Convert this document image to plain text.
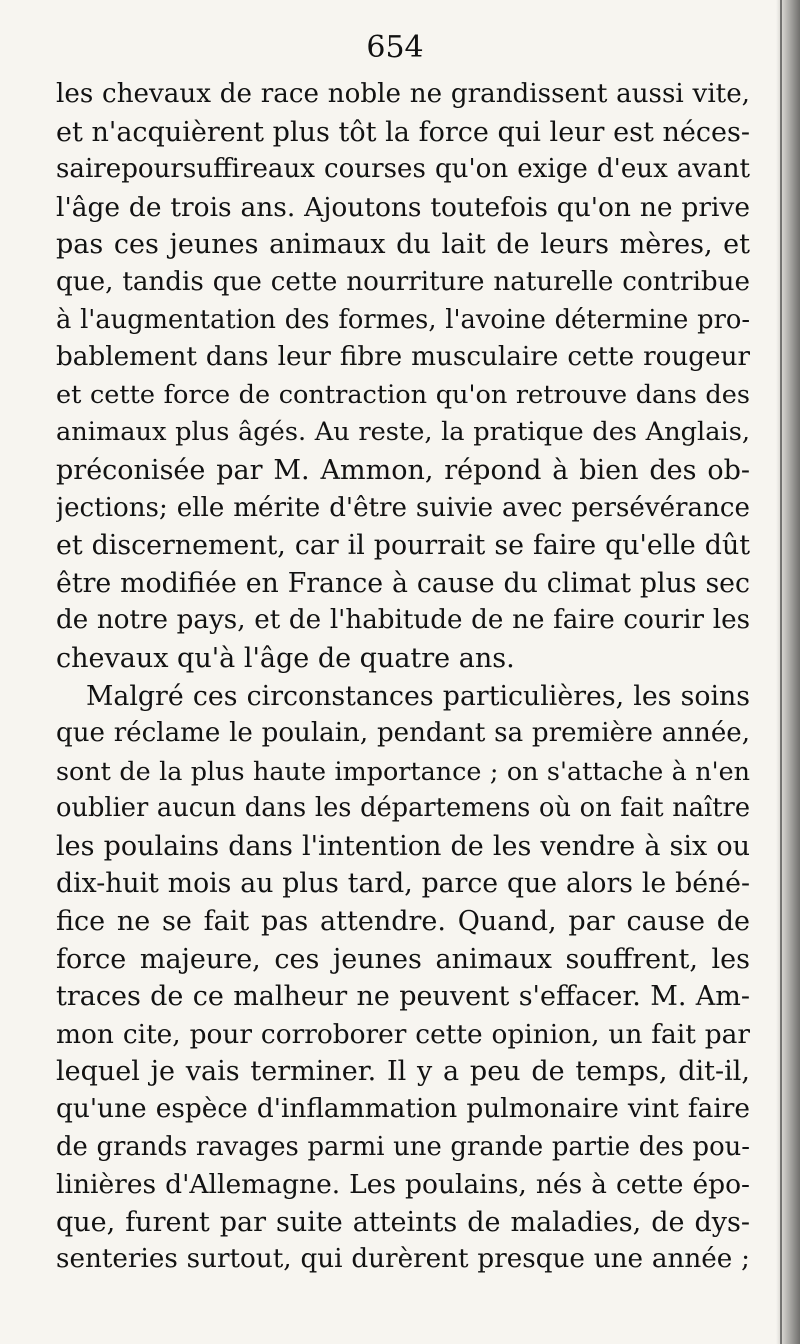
654
les chevaux de race noble ne grandissent aussi vite,
et n'acquièrent plus tôt la force qui leur est néces-
sairepoursuffireaux courses qu'on exige d'eux avant
l'âge de trois ans. Ajoutons toutefois qu'on ne prive
pas ces jeunes animaux du lait de leurs mères, et
que, tandis que cette nourriture naturelle contribue
à l'augmentation des formes, l'avoine détermine pro-
bablement dans leur fibre musculaire cette rougeur
et cette force de contraction qu'on retrouve dans des
animaux plus âgés. Au reste, la pratique des Anglais,
préconisée par M. Ammon, répond à bien des ob-
jections; elle mérite d'être suivie avec persévérance
et discernement, car il pourrait se faire qu'elle dût
être modifiée en France à cause du climat plus sec
de notre pays, et de l'habitude de ne faire courir les
chevaux qu'à l'âge de quatre ans.
Malgré ces circonstances particulières, les soins
que réclame le poulain, pendant sa première année,
sont de la plus haute importance ; on s'attache à n'en
oublier aucun dans les départemens où on fait naître
les poulains dans l'intention de les vendre à six ou
dix-huit mois au plus tard, parce que alors le béné-
fice ne se fait pas attendre. Quand, par cause de
force majeure, ces jeunes animaux souffrent, les
traces de ce malheur ne peuvent s'effacer. M. Am-
mon cite, pour corroborer cette opinion, un fait par
lequel je vais terminer. Il y a peu de temps, dit-il,
qu'une espèce d'inflammation pulmonaire vint faire
de grands ravages parmi une grande partie des pou-
linières d'Allemagne. Les poulains, nés à cette épo-
que, furent par suite atteints de maladies, de dys-
senteries surtout, qui durèrent presque une année ;
